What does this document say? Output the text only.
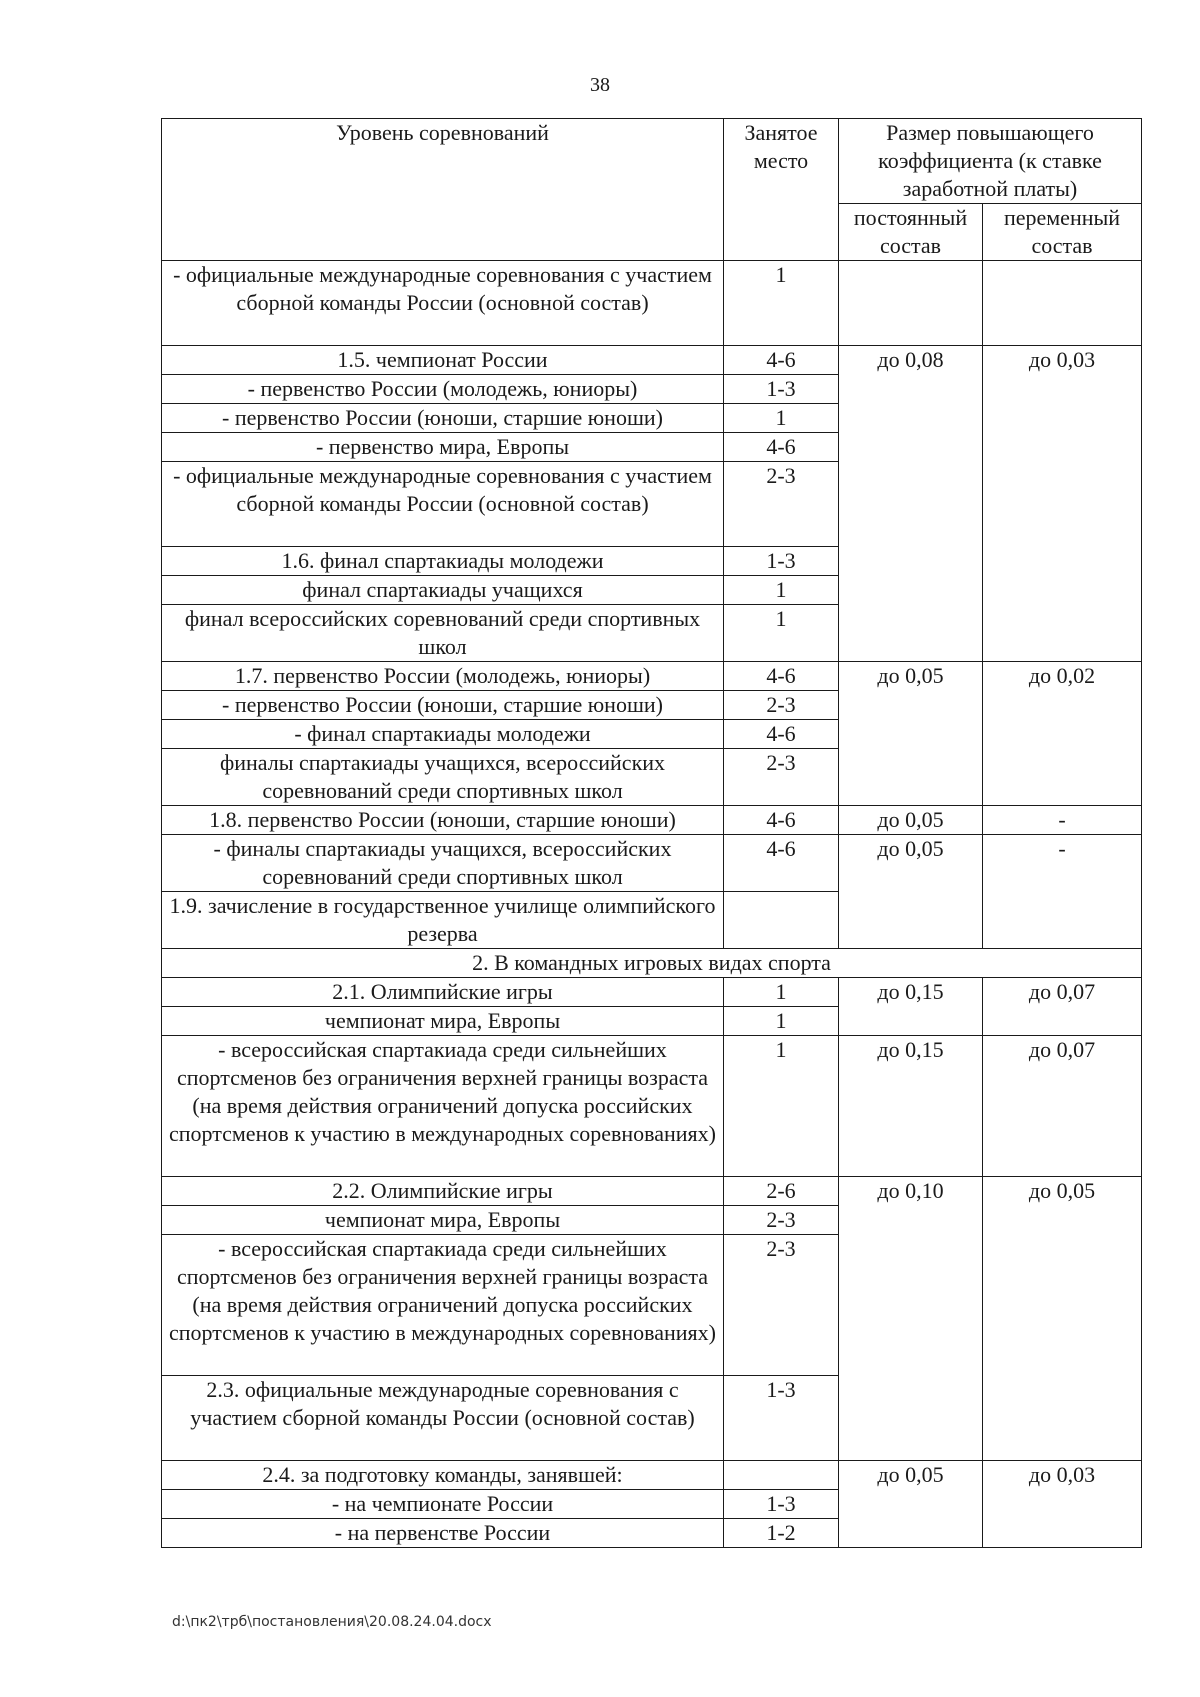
38
Уровень соревнований	Занятое место	Размер повышающего коэффициента (к ставке заработной платы)	
		постоянный состав	переменный состав
- официальные международные соревнования с участием сборной команды России (основной состав)	1		
1.5. чемпионат России	4-6	до 0,08	до 0,03
- первенство России (молодежь, юниоры)	1-3		
- первенство России (юноши, старшие юноши)	1		
- первенство мира, Европы	4-6		
- официальные международные соревнования с участием сборной команды России (основной состав)	2-3		
1.6. финал спартакиады молодежи	1-3		
финал спартакиады учащихся	1		
финал всероссийских соревнований среди спортивных школ	1		
1.7. первенство России (молодежь, юниоры)	4-6	до 0,05	до 0,02
- первенство России (юноши, старшие юноши)	2-3		
- финал спартакиады молодежи	4-6		
финалы спартакиады учащихся, всероссийских соревнований среди спортивных школ	2-3		
1.8. первенство России (юноши, старшие юноши)	4-6	до 0,05	-
- финалы спартакиады учащихся, всероссийских соревнований среди спортивных школ	4-6	до 0,05	-
1.9. зачисление в государственное училище олимпийского резерва			
2. В командных игровых видах спорта			
2.1. Олимпийские игры	1	до 0,15	до 0,07
чемпионат мира, Европы	1		
- всероссийская спартакиада среди сильнейших спортсменов без ограничения верхней границы возраста (на время действия ограничений допуска российских спортсменов к участию в международных соревнованиях)	1	до 0,15	до 0,07
2.2. Олимпийские игры	2-6	до 0,10	до 0,05
чемпионат мира, Европы	2-3		
- всероссийская спартакиада среди сильнейших спортсменов без ограничения верхней границы возраста (на время действия ограничений допуска российских спортсменов к участию в международных соревнованиях)	2-3		
2.3. официальные международные соревнования с участием сборной команды России (основной состав)	1-3		
2.4. за подготовку команды, занявшей:		до 0,05	до 0,03
- на чемпионате России	1-3		
- на первенстве России	1-2		
d:\пк2\трб\постановления\20.08.24.04.docx
